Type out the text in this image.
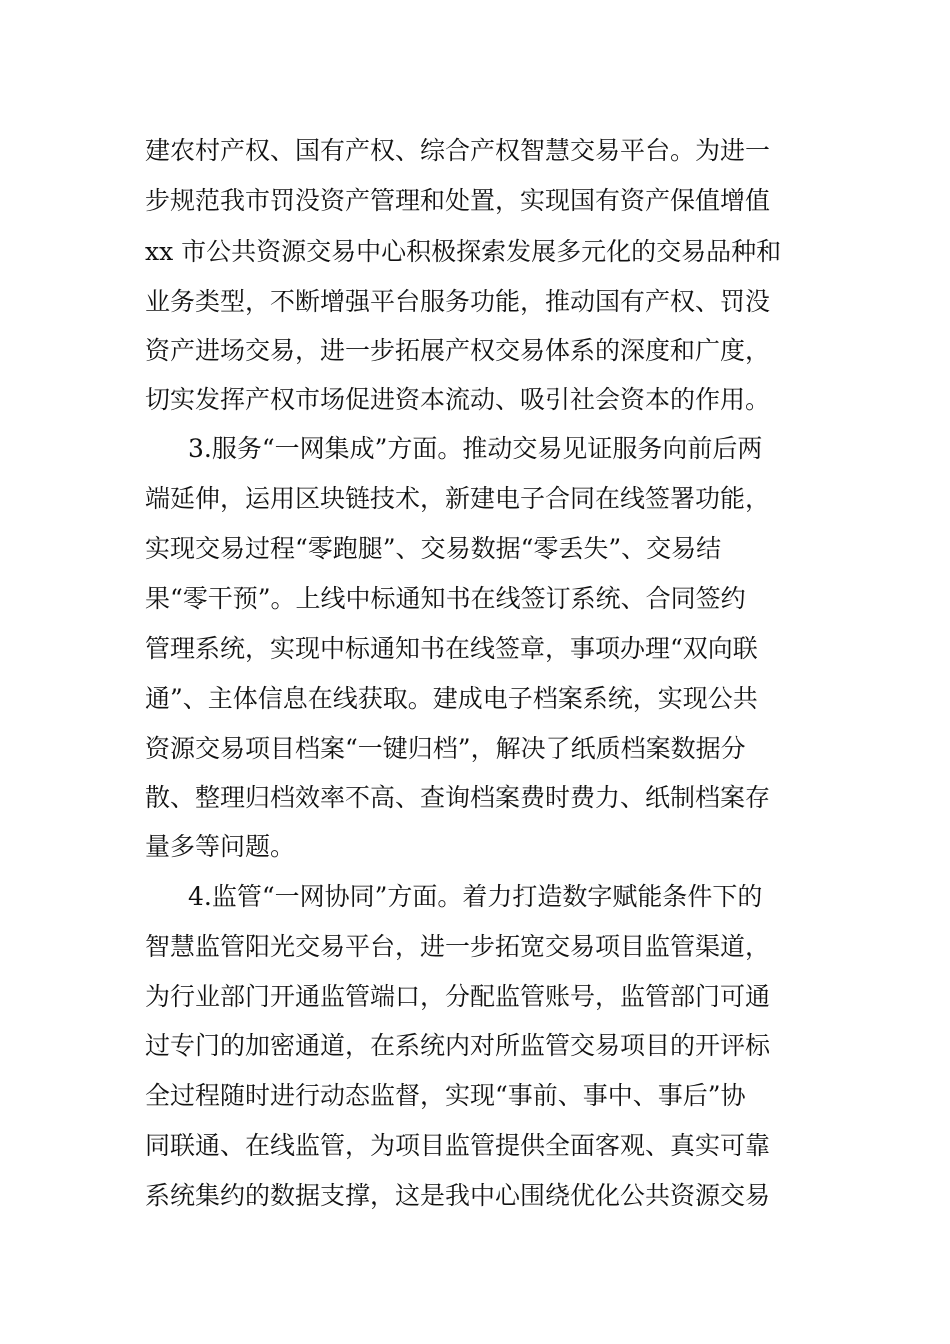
建农村产权、国有产权、综合产权智慧交易平台。为进一
步规范我市罚没资产管理和处置，实现国有资产保值增值
xx 市公共资源交易中心积极探索发展多元化的交易品种和
业务类型，不断增强平台服务功能，推动国有产权、罚没
资产进场交易，进一步拓展产权交易体系的深度和广度，
切实发挥产权市场促进资本流动、吸引社会资本的作用。
3.服务“一网集成”方面。推动交易见证服务向前后两
端延伸，运用区块链技术，新建电子合同在线签署功能，
实现交易过程“零跑腿”、交易数据“零丢失”、交易结
果“零干预”。上线中标通知书在线签订系统、合同签约
管理系统，实现中标通知书在线签章，事项办理“双向联
通”、主体信息在线获取。建成电子档案系统，实现公共
资源交易项目档案“一键归档”，解决了纸质档案数据分
散、整理归档效率不高、查询档案费时费力、纸制档案存
量多等问题。
4.监管“一网协同”方面。着力打造数字赋能条件下的
智慧监管阳光交易平台，进一步拓宽交易项目监管渠道，
为行业部门开通监管端口，分配监管账号，监管部门可通
过专门的加密通道，在系统内对所监管交易项目的开评标
全过程随时进行动态监督，实现“事前、事中、事后”协
同联通、在线监管，为项目监管提供全面客观、真实可靠
系统集约的数据支撑，这是我中心围绕优化公共资源交易
